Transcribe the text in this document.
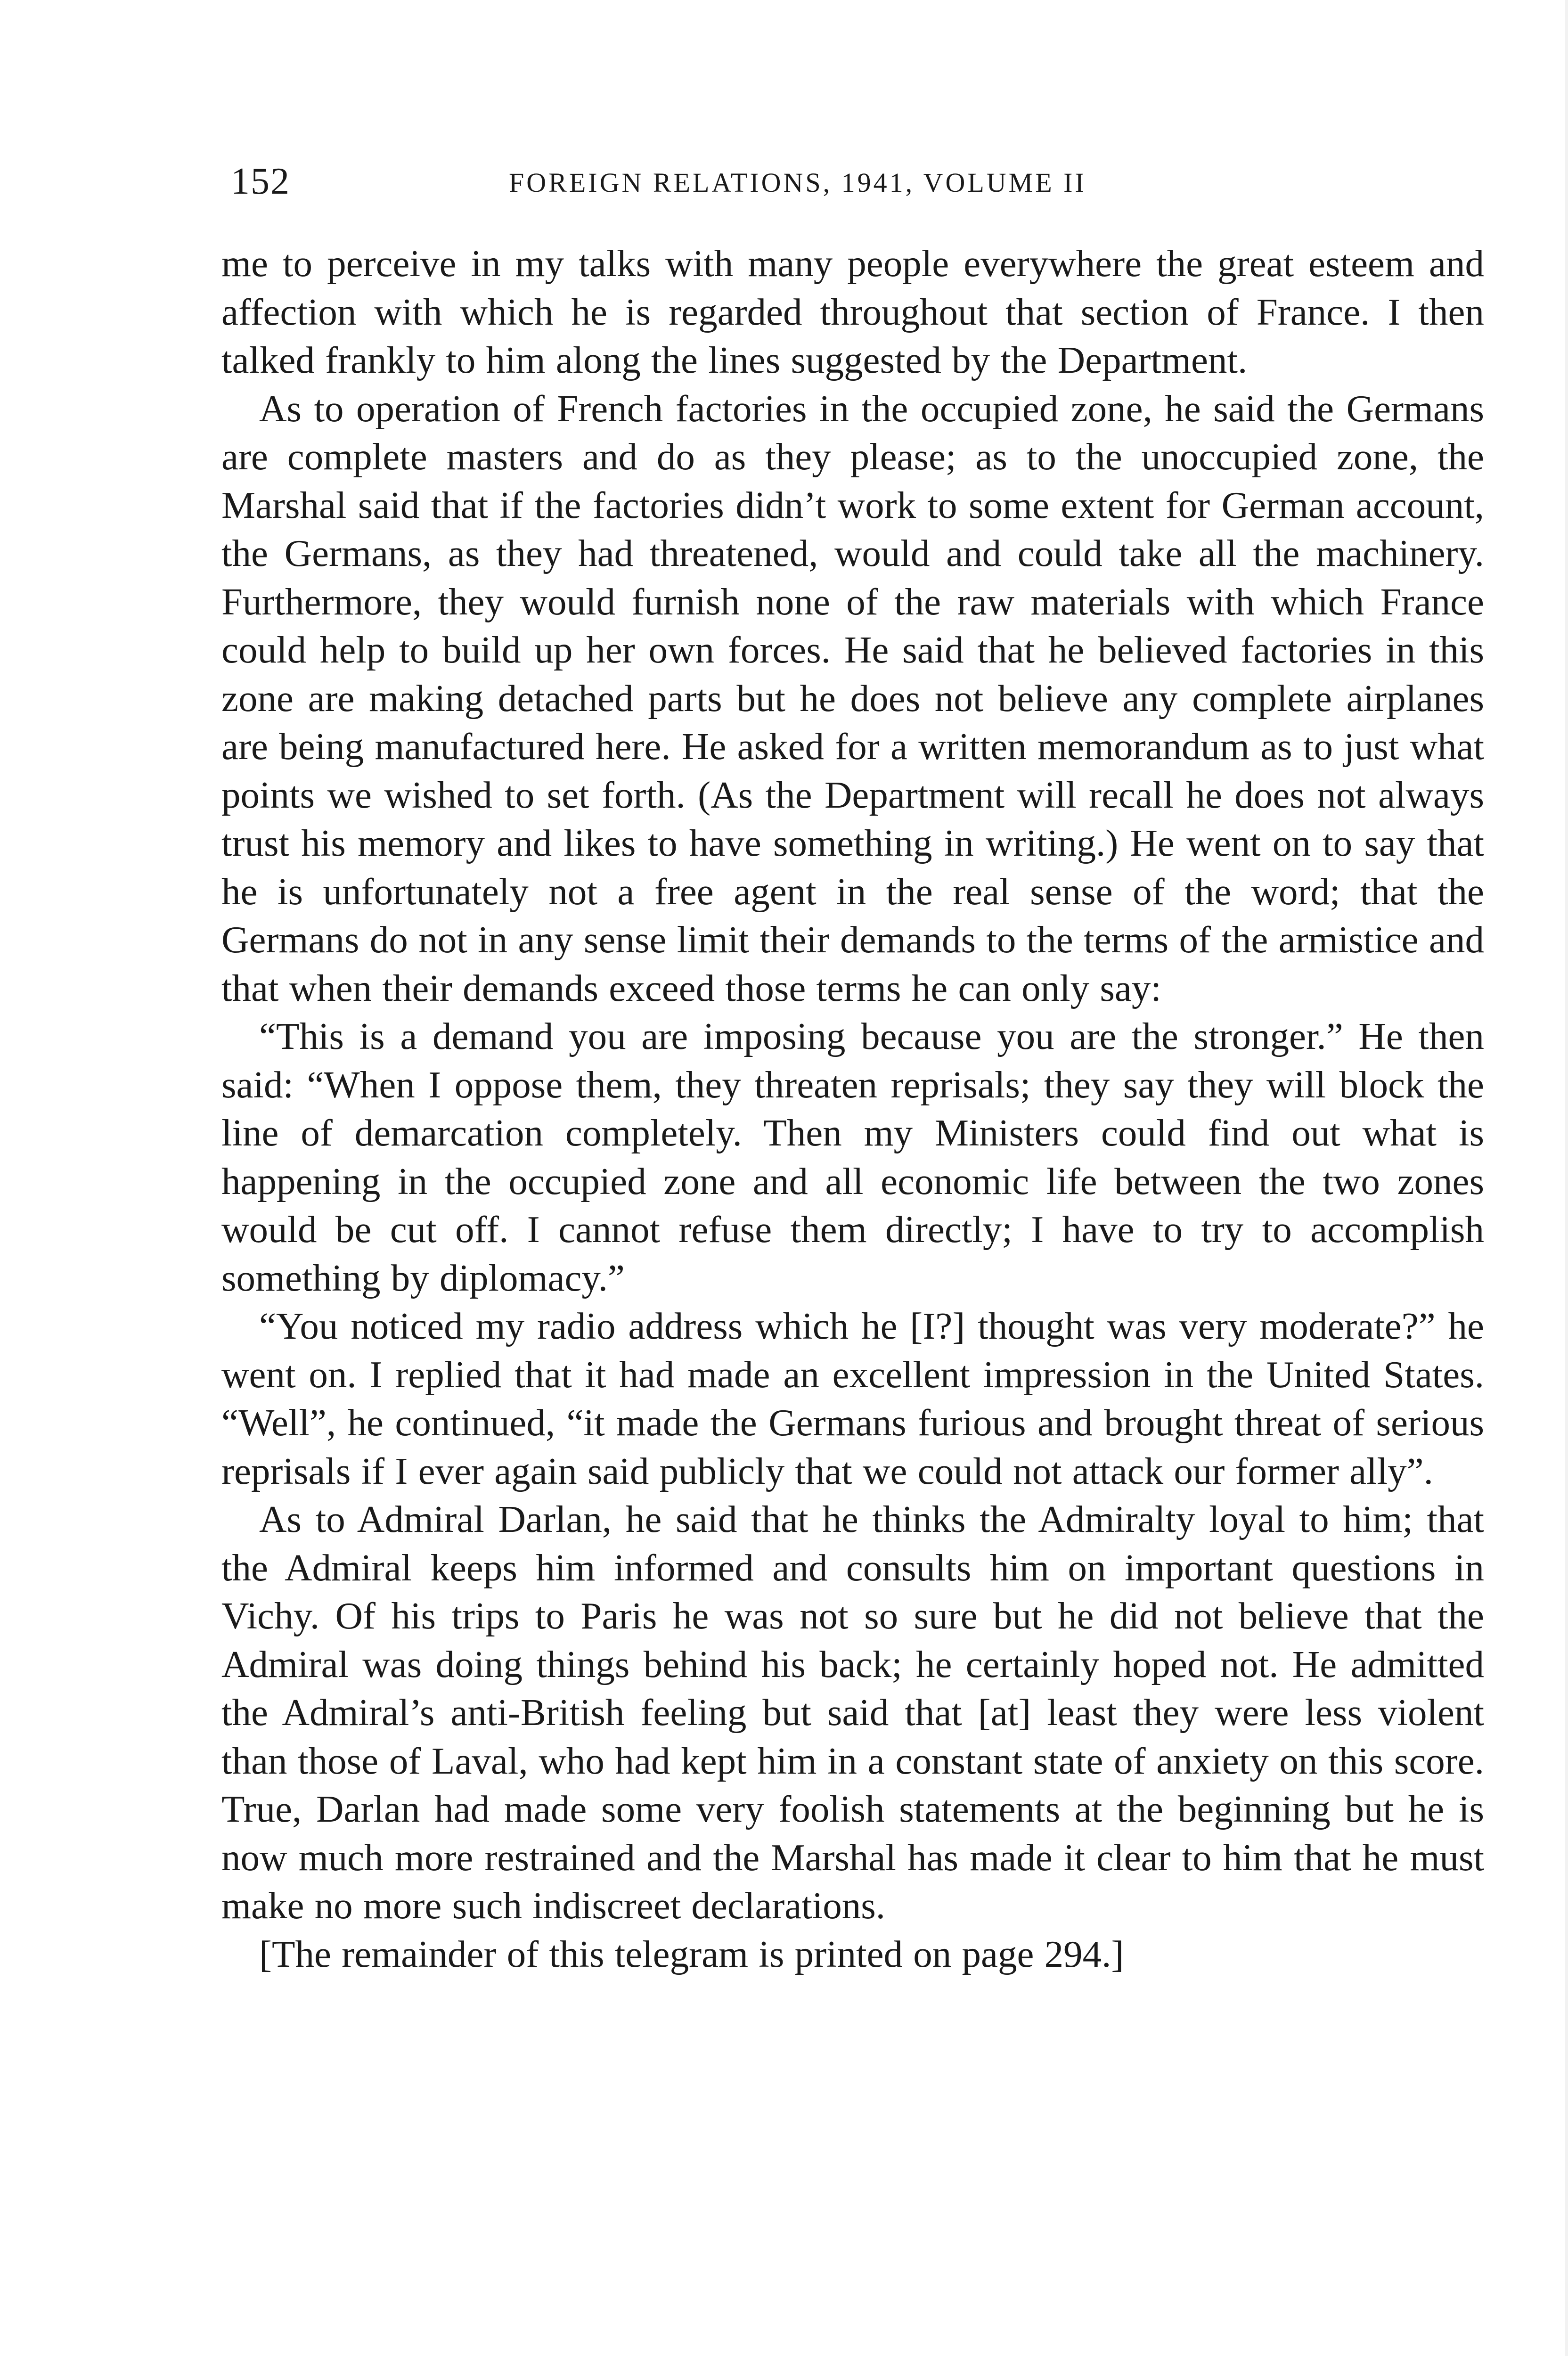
152	FOREIGN RELATIONS, 1941, VOLUME II

me to perceive in my talks with many people everywhere the great esteem and affection with which he is regarded throughout that section of France. I then talked frankly to him along the lines suggested by the Department.

As to operation of French factories in the occupied zone, he said the Germans are complete masters and do as they please; as to the unoccupied zone, the Marshal said that if the factories didn’t work to some extent for German account, the Germans, as they had threatened, would and could take all the machinery. Furthermore, they would furnish none of the raw materials with which France could help to build up her own forces. He said that he believed factories in this zone are making detached parts but he does not believe any complete airplanes are being manufactured here. He asked for a written memorandum as to just what points we wished to set forth. (As the Department will recall he does not always trust his memory and likes to have something in writing.) He went on to say that he is unfortunately not a free agent in the real sense of the word; that the Germans do not in any sense limit their demands to the terms of the armistice and that when their demands exceed those terms he can only say:

“This is a demand you are imposing because you are the stronger.” He then said: “When I oppose them, they threaten reprisals; they say they will block the line of demarcation completely. Then my Ministers could find out what is happening in the occupied zone and all economic life between the two zones would be cut off. I cannot refuse them directly; I have to try to accomplish something by diplomacy.”

“You noticed my radio address which he [I?] thought was very moderate?” he went on. I replied that it had made an excellent impression in the United States. “Well”, he continued, “it made the Germans furious and brought threat of serious reprisals if I ever again said publicly that we could not attack our former ally”.

As to Admiral Darlan, he said that he thinks the Admiralty loyal to him; that the Admiral keeps him informed and consults him on important questions in Vichy. Of his trips to Paris he was not so sure but he did not believe that the Admiral was doing things behind his back; he certainly hoped not. He admitted the Admiral’s anti-British feeling but said that [at] least they were less violent than those of Laval, who had kept him in a constant state of anxiety on this score. True, Darlan had made some very foolish statements at the beginning but he is now much more restrained and the Marshal has made it clear to him that he must make no more such indiscreet declarations.

[The remainder of this telegram is printed on page 294.]
